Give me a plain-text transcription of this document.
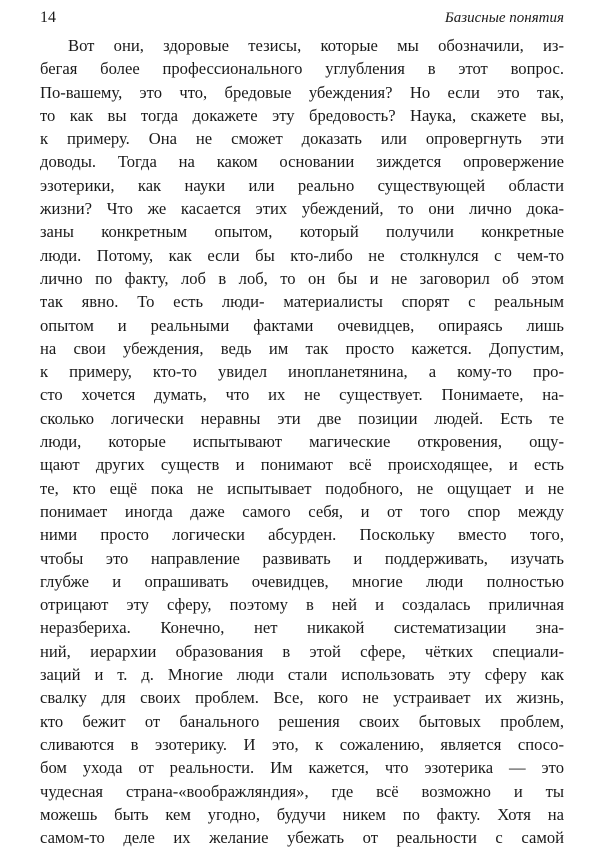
14	Базисные понятия
Вот они, здоровые тезисы, которые мы обозначили, из-
бегая более профессионального углубления в этот вопрос.
По-вашему, это что, бредовые убеждения? Но если это так,
то как вы тогда докажете эту бредовость? Наука, скажете вы,
к примеру. Она не сможет доказать или опровергнуть эти
доводы. Тогда на каком основании зиждется опровержение
эзотерики, как науки или реально существующей области
жизни? Что же касается этих убеждений, то они лично дока-
заны конкретным опытом, который получили конкретные
люди. Потому, как если бы кто-либо не столкнулся с чем-то
лично по факту, лоб в лоб, то он бы и не заговорил об этом
так явно. То есть люди- материалисты спорят с реальным
опытом и реальными фактами очевидцев, опираясь лишь
на свои убеждения, ведь им так просто кажется. Допустим,
к примеру, кто-то увидел инопланетянина, а кому-то про-
сто хочется думать, что их не существует. Понимаете, на-
сколько логически неравны эти две позиции людей. Есть те
люди, которые испытывают магические откровения, ощу-
щают других существ и понимают всё происходящее, и есть
те, кто ещё пока не испытывает подобного, не ощущает и не
понимает иногда даже самого себя, и от того спор между
ними просто логически абсурден. Поскольку вместо того,
чтобы это направление развивать и поддерживать, изучать
глубже и опрашивать очевидцев, многие люди полностью
отрицают эту сферу, поэтому в ней и создалась приличная
неразбериха. Конечно, нет никакой систематизации зна-
ний, иерархии образования в этой сфере, чётких специали-
заций и т. д. Многие люди стали использовать эту сферу как
свалку для своих проблем. Все, кого не устраивает их жизнь,
кто бежит от банального решения своих бытовых проблем,
сливаются в эзотерику. И это, к сожалению, является спосо-
бом ухода от реальности. Им кажется, что эзотерика — это
чудесная страна-«воображляндия», где всё возможно и ты
можешь быть кем угодно, будучи никем по факту. Хотя на
самом-то деле их желание убежать от реальности с самой
